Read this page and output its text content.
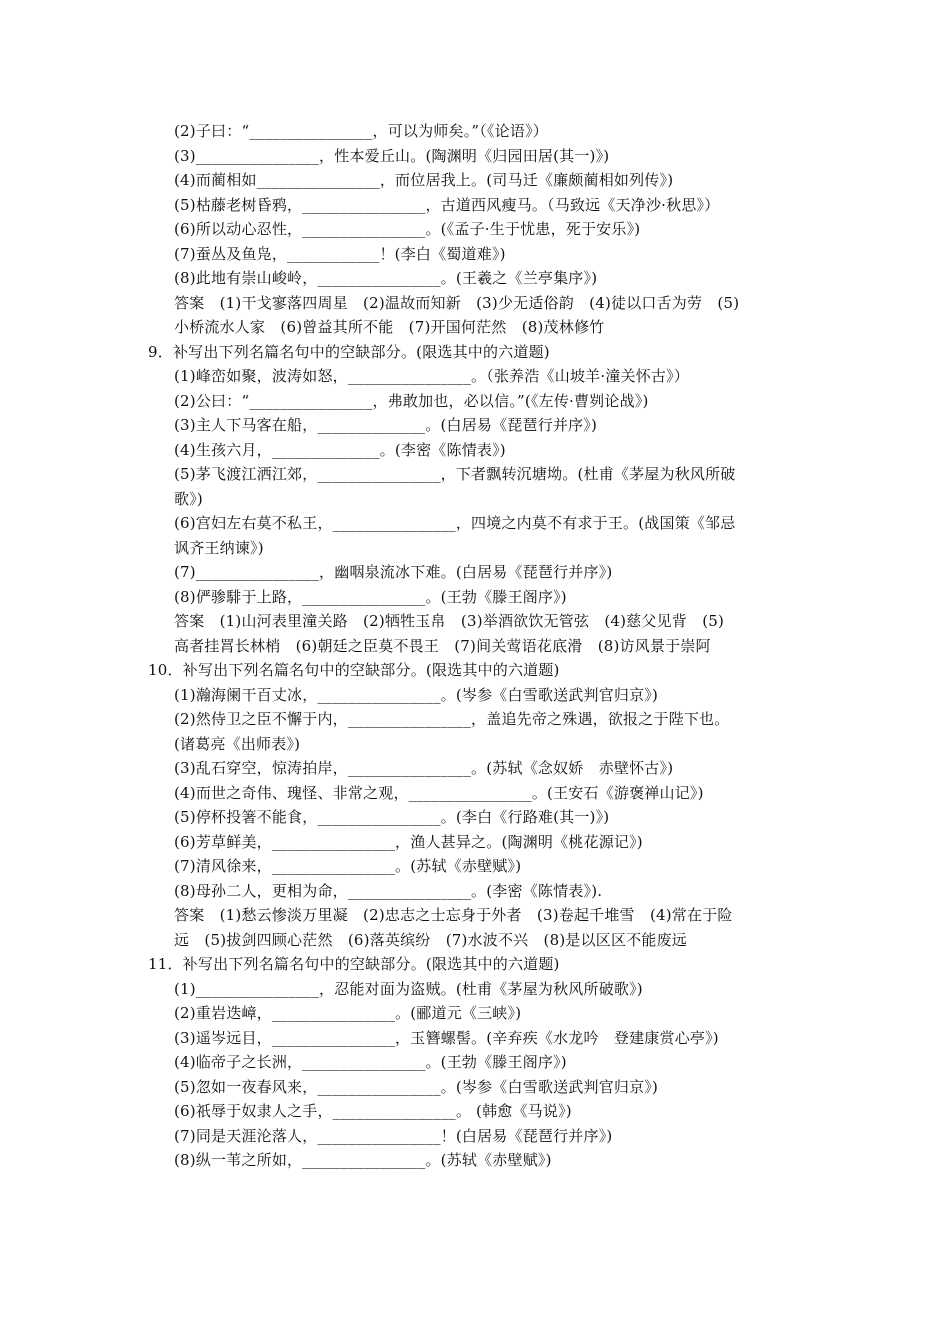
(2)子曰：“________________，可以为师矣。”（《论语》）
(3)________________，性本爱丘山。(陶渊明《归园田居(其一)》)
(4)而蔺相如________________，而位居我上。(司马迁《廉颇蔺相如列传》)
(5)枯藤老树昏鸦，________________，古道西风瘦马。（马致远《天净沙·秋思》）
(6)所以动心忍性，________________。(《孟子·生于忧患，死于安乐》)
(7)蚕丛及鱼凫，____________！(李白《蜀道难》)
(8)此地有崇山峻岭，________________。(王羲之《兰亭集序》)
答案　(1)干戈寥落四周星　(2)温故而知新　(3)少无适俗韵　(4)徒以口舌为劳　(5)
小桥流水人家　(6)曾益其所不能　(7)开国何茫然　(8)茂林修竹
9．补写出下列名篇名句中的空缺部分。(限选其中的六道题)
(1)峰峦如聚，波涛如怒，________________。（张养浩《山坡羊·潼关怀古》）
(2)公曰：“________________，弗敢加也，必以信。”(《左传·曹刿论战》)
(3)主人下马客在船，______________。(白居易《琵琶行并序》)
(4)生孩六月，______________。(李密《陈情表》)
(5)茅飞渡江洒江郊，________________，下者飘转沉塘坳。(杜甫《茅屋为秋风所破
歌》)
(6)宫妇左右莫不私王，________________，四境之内莫不有求于王。(战国策《邹忌
讽齐王纳谏》)
(7)________________，幽咽泉流冰下难。(白居易《琵琶行并序》)
(8)俨骖騑于上路，________________。(王勃《滕王阁序》)
答案　(1)山河表里潼关路　(2)牺牲玉帛　(3)举酒欲饮无管弦　(4)慈父见背　(5)
高者挂罥长林梢　(6)朝廷之臣莫不畏王　(7)间关莺语花底滑　(8)访风景于崇阿
10．补写出下列名篇名句中的空缺部分。(限选其中的六道题)
(1)瀚海阑干百丈冰，________________。(岑参《白雪歌送武判官归京》)
(2)然侍卫之臣不懈于内，________________，盖追先帝之殊遇，欲报之于陛下也。
(诸葛亮《出师表》)
(3)乱石穿空，惊涛拍岸，________________。(苏轼《念奴娇　赤壁怀古》)
(4)而世之奇伟、瑰怪、非常之观，________________。(王安石《游褒禅山记》)
(5)停杯投箸不能食，________________。(李白《行路难(其一)》)
(6)芳草鲜美，________________，渔人甚异之。(陶渊明《桃花源记》)
(7)清风徐来，________________。(苏轼《赤壁赋》)
(8)母孙二人，更相为命，________________。(李密《陈情表》).
答案　(1)愁云惨淡万里凝　(2)忠志之士忘身于外者　(3)卷起千堆雪　(4)常在于险
远　(5)拔剑四顾心茫然　(6)落英缤纷　(7)水波不兴　(8)是以区区不能废远
11．补写出下列名篇名句中的空缺部分。(限选其中的六道题)
(1)________________，忍能对面为盗贼。(杜甫《茅屋为秋风所破歌》)
(2)重岩迭嶂，________________。(郦道元《三峡》)
(3)遥岑远目，________________，玉簪螺髻。(辛弃疾《水龙吟　登建康赏心亭》)
(4)临帝子之长洲，________________。(王勃《滕王阁序》)
(5)忽如一夜春风来，________________。(岑参《白雪歌送武判官归京》)
(6)祇辱于奴隶人之手，________________。 (韩愈《马说》)
(7)同是天涯沦落人，________________！(白居易《琵琶行并序》)
(8)纵一苇之所如，________________。(苏轼《赤壁赋》)
